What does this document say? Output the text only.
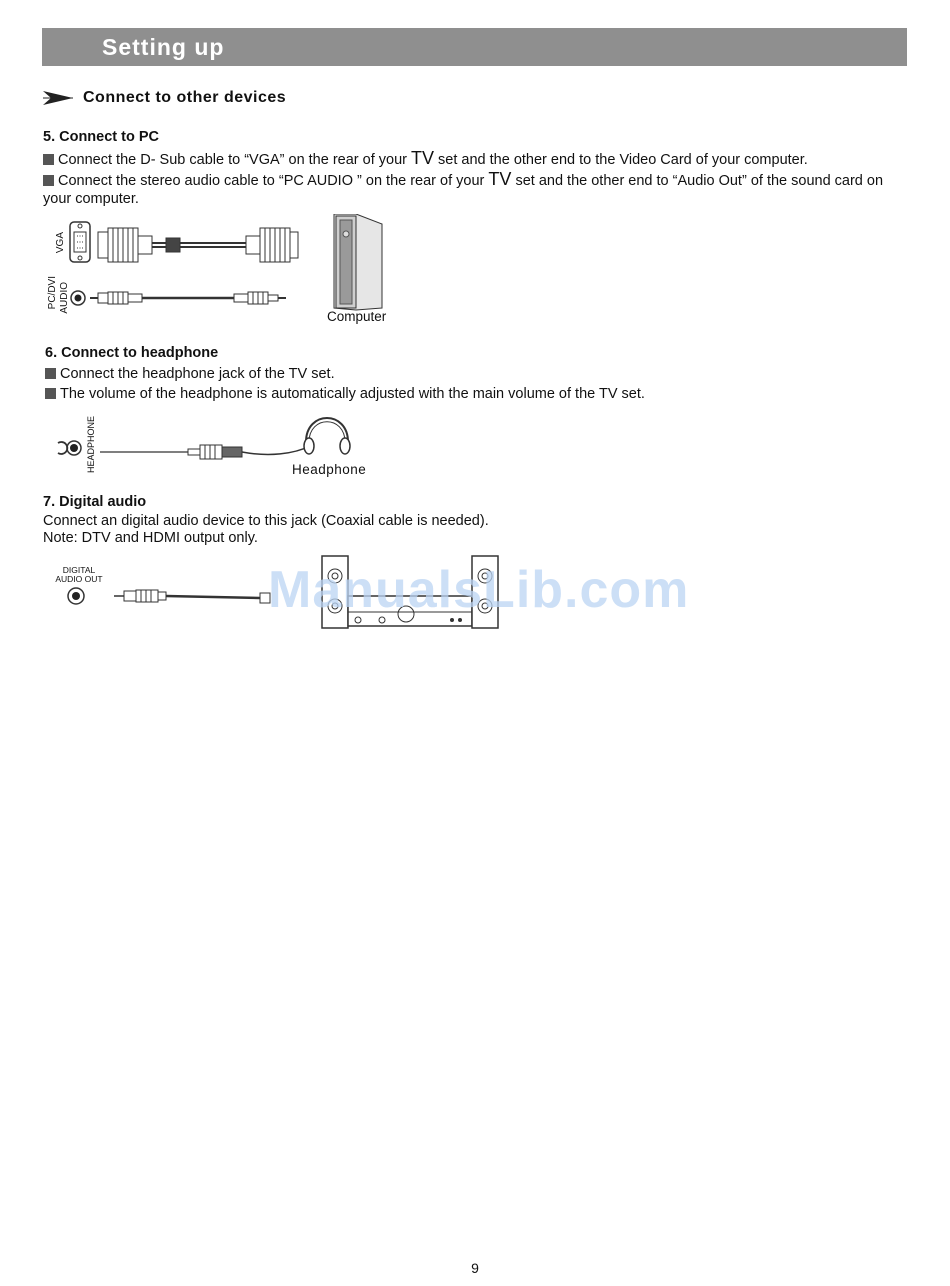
Setting up
Connect to other devices
5. Connect to PC
Connect the D- Sub cable to “VGA” on the rear of your TV set and the other end to the Video Card of your computer.
Connect the stereo audio cable to “PC AUDIO ” on the rear of your TV set and the other end to “Audio Out” of the sound card on
your computer.
VGA
PC/DVI AUDIO
Computer
6. Connect to headphone
Connect the headphone jack of the TV set.
The volume of the headphone is automatically adjusted with the main volume of the TV set.
HEADPHONE	Headphone
7. Digital audio
Connect an digital audio device to this jack (Coaxial cable is needed).
Note: DTV and HDMI output only.
DIGITAL
AUDIO OUT	ManualsLib.com
9
